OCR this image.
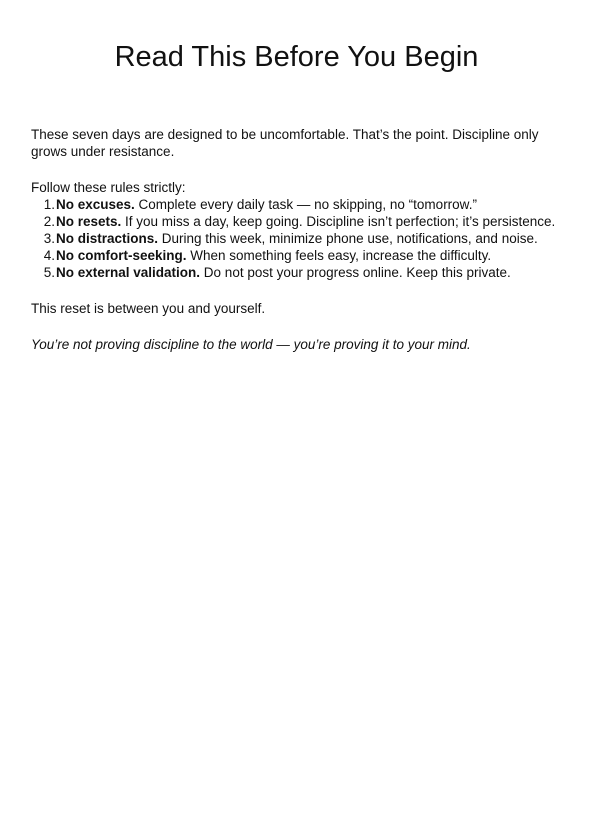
Read This Before You Begin

These seven days are designed to be uncomfortable. That’s the point. Discipline only grows under resistance.

Follow these rules strictly:

1. No excuses. Complete every daily task — no skipping, no “tomorrow.”
2. No resets. If you miss a day, keep going. Discipline isn’t perfection; it’s persistence.
3. No distractions. During this week, minimize phone use, notifications, and noise.
4. No comfort-seeking. When something feels easy, increase the difficulty.
5. No external validation. Do not post your progress online. Keep this private.

This reset is between you and yourself.

You’re not proving discipline to the world — you’re proving it to your mind.
